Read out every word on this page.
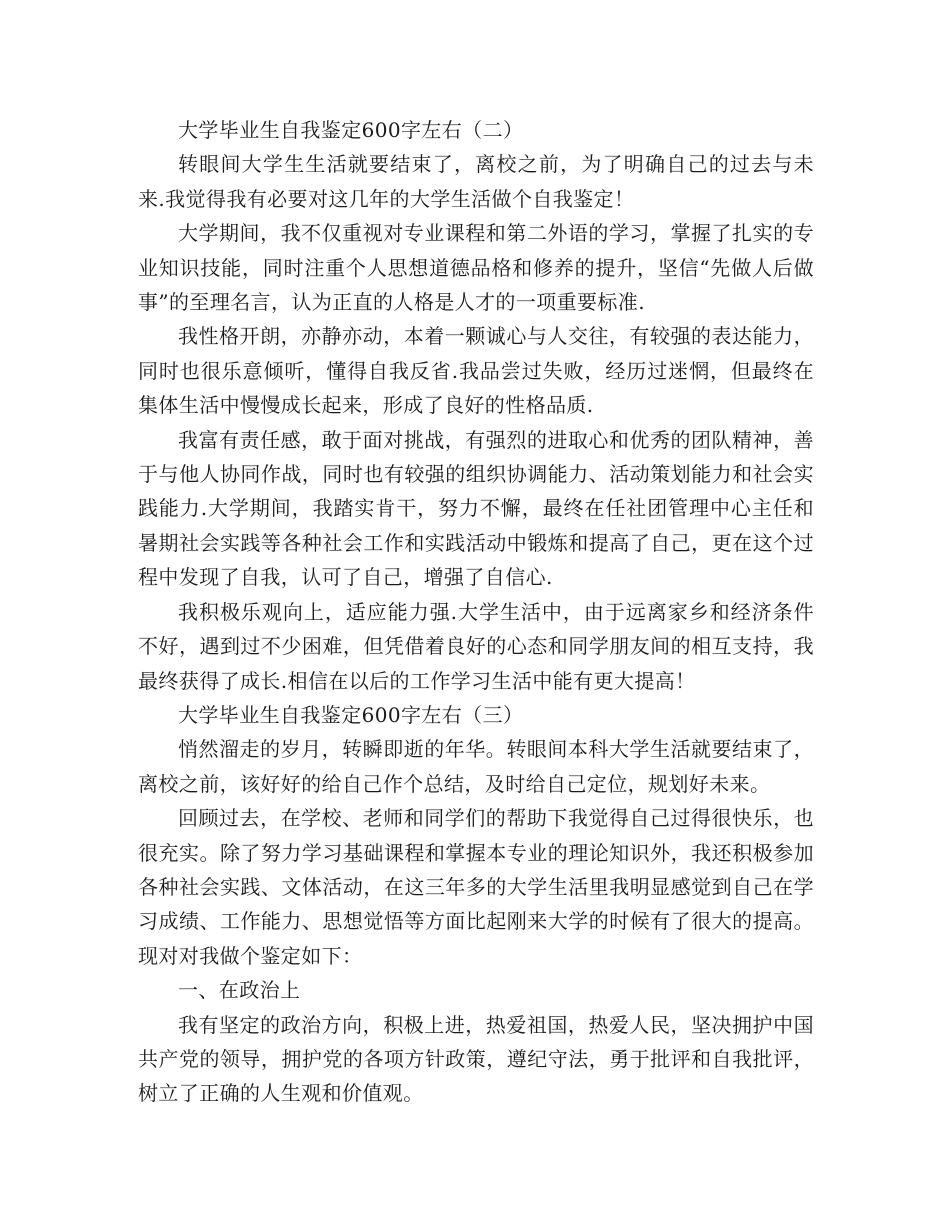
大学毕业生自我鉴定600字左右（二）

转眼间大学生生活就要结束了，离校之前，为了明确自己的过去与未来.我觉得我有必要对这几年的大学生活做个自我鉴定！

大学期间，我不仅重视对专业课程和第二外语的学习，掌握了扎实的专业知识技能，同时注重个人思想道德品格和修养的提升，坚信“先做人后做事”的至理名言，认为正直的人格是人才的一项重要标准.

我性格开朗，亦静亦动，本着一颗诚心与人交往，有较强的表达能力，同时也很乐意倾听，懂得自我反省.我品尝过失败，经历过迷惘，但最终在集体生活中慢慢成长起来，形成了良好的性格品质.

我富有责任感，敢于面对挑战，有强烈的进取心和优秀的团队精神，善于与他人协同作战，同时也有较强的组织协调能力、活动策划能力和社会实践能力.大学期间，我踏实肯干，努力不懈，最终在任社团管理中心主任和暑期社会实践等各种社会工作和实践活动中锻炼和提高了自己，更在这个过程中发现了自我，认可了自己，增强了自信心.

我积极乐观向上，适应能力强.大学生活中，由于远离家乡和经济条件不好，遇到过不少困难，但凭借着良好的心态和同学朋友间的相互支持，我最终获得了成长.相信在以后的工作学习生活中能有更大提高！

大学毕业生自我鉴定600字左右（三）

悄然溜走的岁月，转瞬即逝的年华。转眼间本科大学生活就要结束了，离校之前，该好好的给自己作个总结，及时给自己定位，规划好未来。

回顾过去，在学校、老师和同学们的帮助下我觉得自己过得很快乐，也很充实。除了努力学习基础课程和掌握本专业的理论知识外，我还积极参加各种社会实践、文体活动，在这三年多的大学生活里我明显感觉到自己在学习成绩、工作能力、思想觉悟等方面比起刚来大学的时候有了很大的提高。现对对我做个鉴定如下：

一、在政治上

我有坚定的政治方向，积极上进，热爱祖国，热爱人民，坚决拥护中国共产党的领导，拥护党的各项方针政策，遵纪守法，勇于批评和自我批评，树立了正确的人生观和价值观。
